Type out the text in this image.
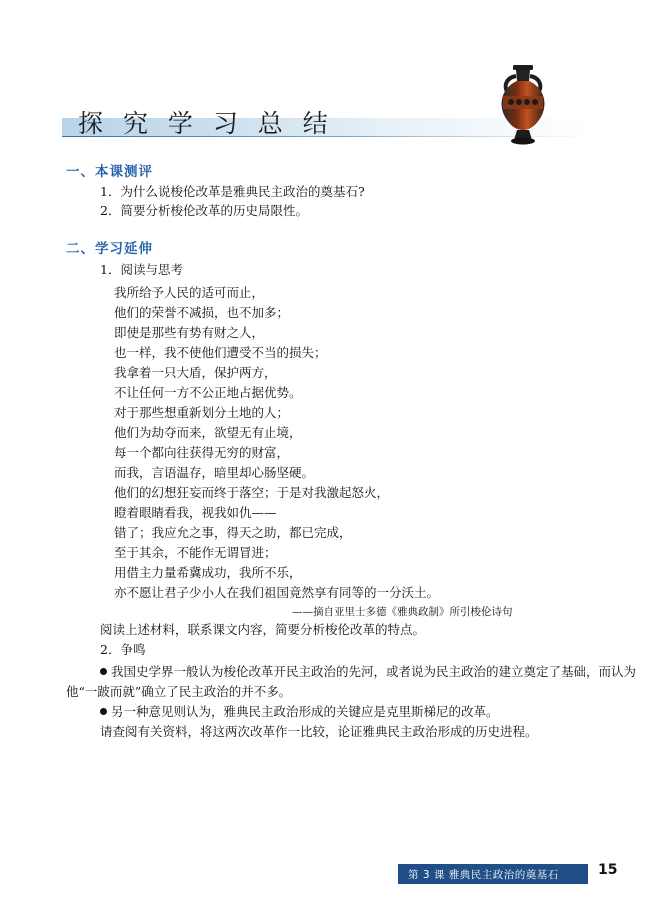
探 究 学 习 总 结
一、本课测评
1．为什么说梭伦改革是雅典民主政治的奠基石?
2．简要分析梭伦改革的历史局限性。
二、学习延伸
1．阅读与思考
我所给予人民的适可而止，
他们的荣誉不减损，也不加多；
即使是那些有势有财之人，
也一样，我不使他们遭受不当的损失；
我拿着一只大盾，保护两方，
不让任何一方不公正地占据优势。
对于那些想重新划分土地的人；
他们为劫夺而来，欲望无有止境，
每一个都向往获得无穷的财富，
而我，言语温存，暗里却心肠坚硬。
他们的幻想狂妄而终于落空；于是对我激起怒火，
瞪着眼睛看我，视我如仇——
错了；我应允之事，得天之助，都已完成，
至于其余，不能作无谓冒进；
用借主力量希冀成功，我所不乐，
亦不愿让君子少小人在我们祖国竟然享有同等的一分沃土。
——摘自亚里士多德《雅典政制》所引梭伦诗句
阅读上述材料，联系课文内容，简要分析梭伦改革的特点。
2．争鸣
我国史学界一般认为梭伦改革开民主政治的先河，或者说为民主政治的建立奠定了基础，而认为
他“一跛而就”确立了民主政治的并不多。
另一种意见则认为，雅典民主政治形成的关键应是克里斯梯尼的改革。
请查阅有关资料，将这两次改革作一比较，论证雅典民主政治形成的历史进程。
第 3 课 雅典民主政治的奠基石	15
